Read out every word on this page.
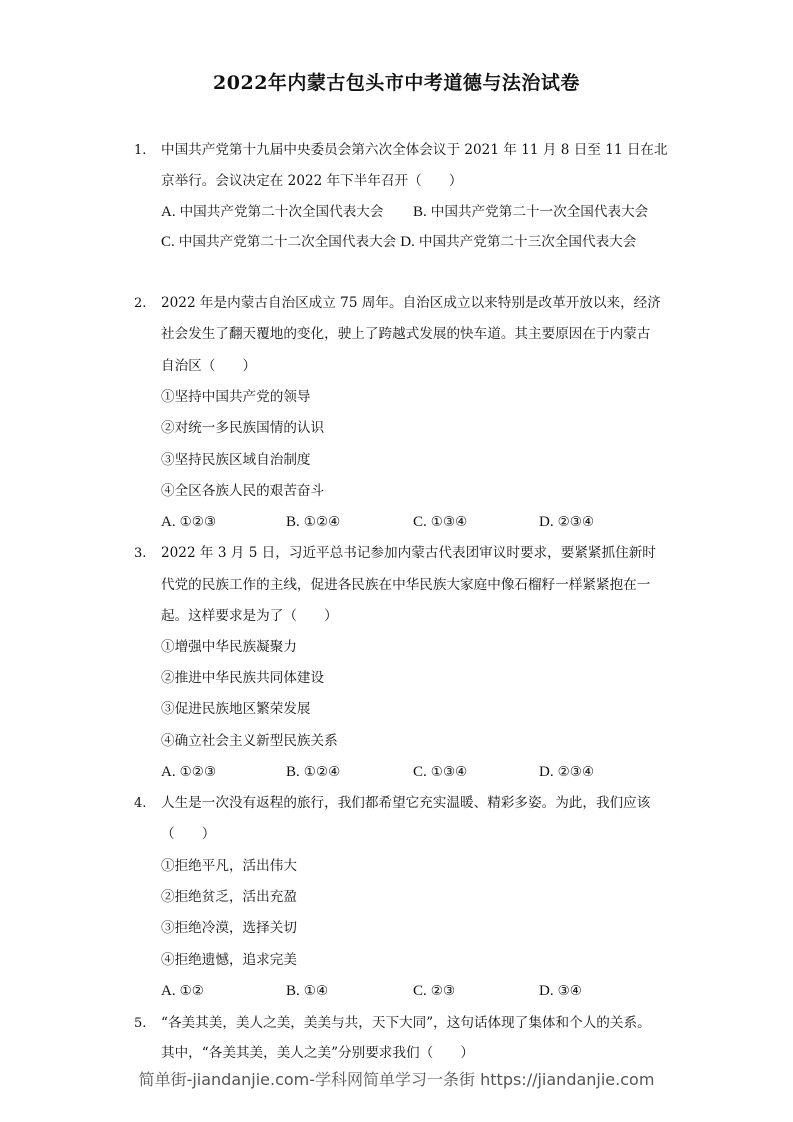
2022年内蒙古包头市中考道德与法治试卷
1. 中国共产党第十九届中央委员会第六次全体会议于 2021 年 11 月 8 日至 11 日在北
京举行。会议决定在 2022 年下半年召开（　　）
A. 中国共产党第二十次全国代表大会 B. 中国共产党第二十一次全国代表大会
C. 中国共产党第二十二次全国代表大会 D. 中国共产党第二十三次全国代表大会
2. 2022 年是内蒙古自治区成立 75 周年。自治区成立以来特别是改革开放以来，经济
社会发生了翻天覆地的变化，驶上了跨越式发展的快车道。其主要原因在于内蒙古
自治区（　　）
①坚持中国共产党的领导
②对统一多民族国情的认识
③坚持民族区域自治制度
④全区各族人民的艰苦奋斗
A. ①②③	B. ①②④	C. ①③④	D. ②③④
3. 2022 年 3 月 5 日，习近平总书记参加内蒙古代表团审议时要求，要紧紧抓住新时
代党的民族工作的主线，促进各民族在中华民族大家庭中像石榴籽一样紧紧抱在一
起。这样要求是为了（　　）
①增强中华民族凝聚力
②推进中华民族共同体建设
③促进民族地区繁荣发展
④确立社会主义新型民族关系
A. ①②③	B. ①②④	C. ①③④	D. ②③④
4. 人生是一次没有返程的旅行，我们都希望它充实温暖、精彩多姿。为此，我们应该
（　　）
①拒绝平凡，活出伟大
②拒绝贫乏，活出充盈
③拒绝冷漠，选择关切
④拒绝遗憾，追求完美
A. ①②	B. ①④	C. ②③	D. ③④
5. “各美其美，美人之美，美美与共，天下大同”，这句话体现了集体和个人的关系。
其中，“各美其美，美人之美”分别要求我们（　　）
简单街-jiandanjie.com-学科网简单学习一条街 https://jiandanjie.com
